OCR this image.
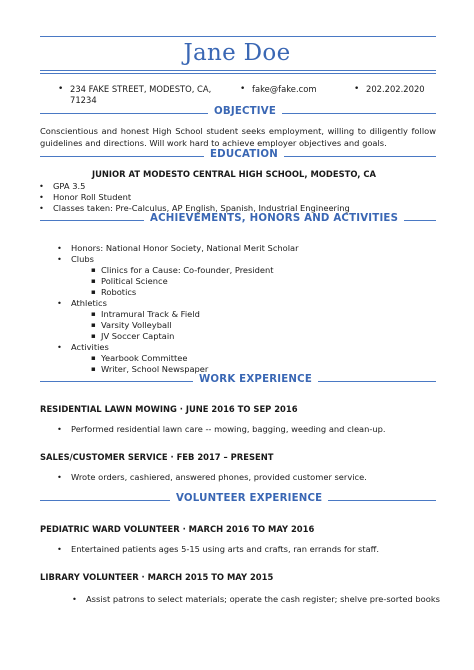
Jane Doe
• 234 FAKE STREET, MODESTO, CA,
71234
• fake@fake.com	• 202.202.2020
OBJECTIVE
Conscientious and honest High School student seeks employment, willing to diligently follow guidelines and directions. Will work hard to achieve employer objectives and goals.
EDUCATION
JUNIOR AT MODESTO CENTRAL HIGH SCHOOL, MODESTO, CA
• GPA 3.5
• Honor Roll Student
• Classes taken: Pre-Calculus, AP English, Spanish, Industrial Engineering
ACHIEVEMENTS, HONORS AND ACTIVITIES
• Honors: National Honor Society, National Merit Scholar
• Clubs
▪ Clinics for a Cause: Co-founder, President
▪ Political Science
▪ Robotics
• Athletics
▪ Intramural Track & Field
▪ Varsity Volleyball
▪ JV Soccer Captain
• Activities
▪ Yearbook Committee
▪ Writer, School Newspaper
WORK EXPERIENCE
RESIDENTIAL LAWN MOWING · JUNE 2016 TO SEP 2016
• Performed residential lawn care -- mowing, bagging, weeding and clean-up.
SALES/CUSTOMER SERVICE · FEB 2017 – PRESENT
• Wrote orders, cashiered, answered phones, provided customer service.
VOLUNTEER EXPERIENCE
PEDIATRIC WARD VOLUNTEER · MARCH 2016 TO MAY 2016
• Entertained patients ages 5-15 using arts and crafts, ran errands for staff.
LIBRARY VOLUNTEER · MARCH 2015 TO MAY 2015
• Assist patrons to select materials; operate the cash register; shelve pre-sorted books
